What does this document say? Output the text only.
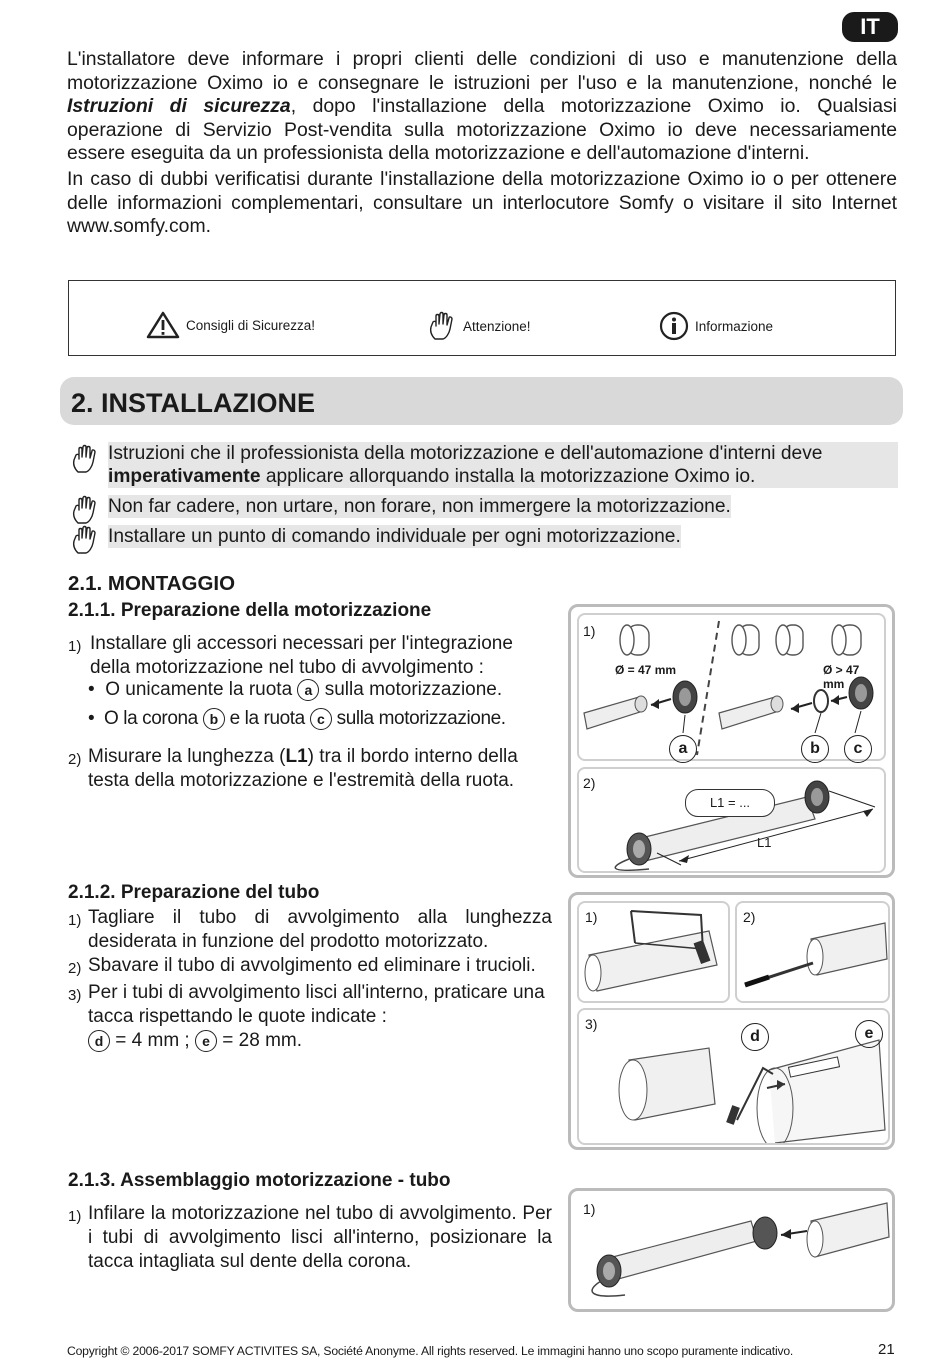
IT

L'installatore deve informare i propri clienti delle condizioni di uso e manutenzione della motorizzazione Oximo io e consegnare le istruzioni per l'uso e la manutenzione, nonché le Istruzioni di sicurezza, dopo l'installazione della motorizzazione Oximo io. Qualsiasi operazione di Servizio Post-vendita sulla motorizzazione Oximo io deve necessariamente essere eseguita da un professionista della motorizzazione e dell'automazione d'interni.

In caso di dubbi verificatisi durante l'installazione della motorizzazione Oximo io o per ottenere delle informazioni complementari, consultare un interlocutore Somfy o visitare il sito Internet www.somfy.com.

Consigli di Sicurezza!	Attenzione!	Informazione
2. INSTALLAZIONE
Istruzioni che il professionista della motorizzazione e dell'automazione d'interni deve imperativamente applicare allorquando installa la motorizzazione Oximo io.
Non far cadere, non urtare, non forare, non immergere la motorizzazione.
Installare un punto di comando individuale per ogni motorizzazione.
2.1. MONTAGGIO
2.1.1. Preparazione della motorizzazione
1) Installare gli accessori necessari per l'integrazione della motorizzazione nel tubo di avvolgimento :
•  O unicamente la ruota a sulla motorizzazione.
•  O la corona b e la ruota c sulla motorizzazione.
2) Misurare la lunghezza (L1) tra il bordo interno della testa della motorizzazione e l'estremità della ruota.
1)
Ø = 47 mm	Ø > 47 mm
a	b	c
2)
L1 = ...
L1
2.1.2. Preparazione del tubo
1) Tagliare il tubo di avvolgimento alla lunghezza desiderata in funzione del prodotto motorizzato.
2) Sbavare il tubo di avvolgimento ed eliminare i trucioli.
3) Per i tubi di avvolgimento lisci all'interno, praticare una tacca rispettando le quote indicate :
d = 4 mm ; e = 28 mm.
1)	2)
3)
d	e
2.1.3. Assemblaggio motorizzazione - tubo
1) Infilare la motorizzazione nel tubo di avvolgimento. Per i tubi di avvolgimento lisci all'interno, posizionare la tacca intagliata sul dente della corona.
1)
Copyright © 2006-2017 SOMFY ACTIVITES SA, Société Anonyme. All rights reserved. Le immagini hanno uno scopo puramente indicativo.	21
